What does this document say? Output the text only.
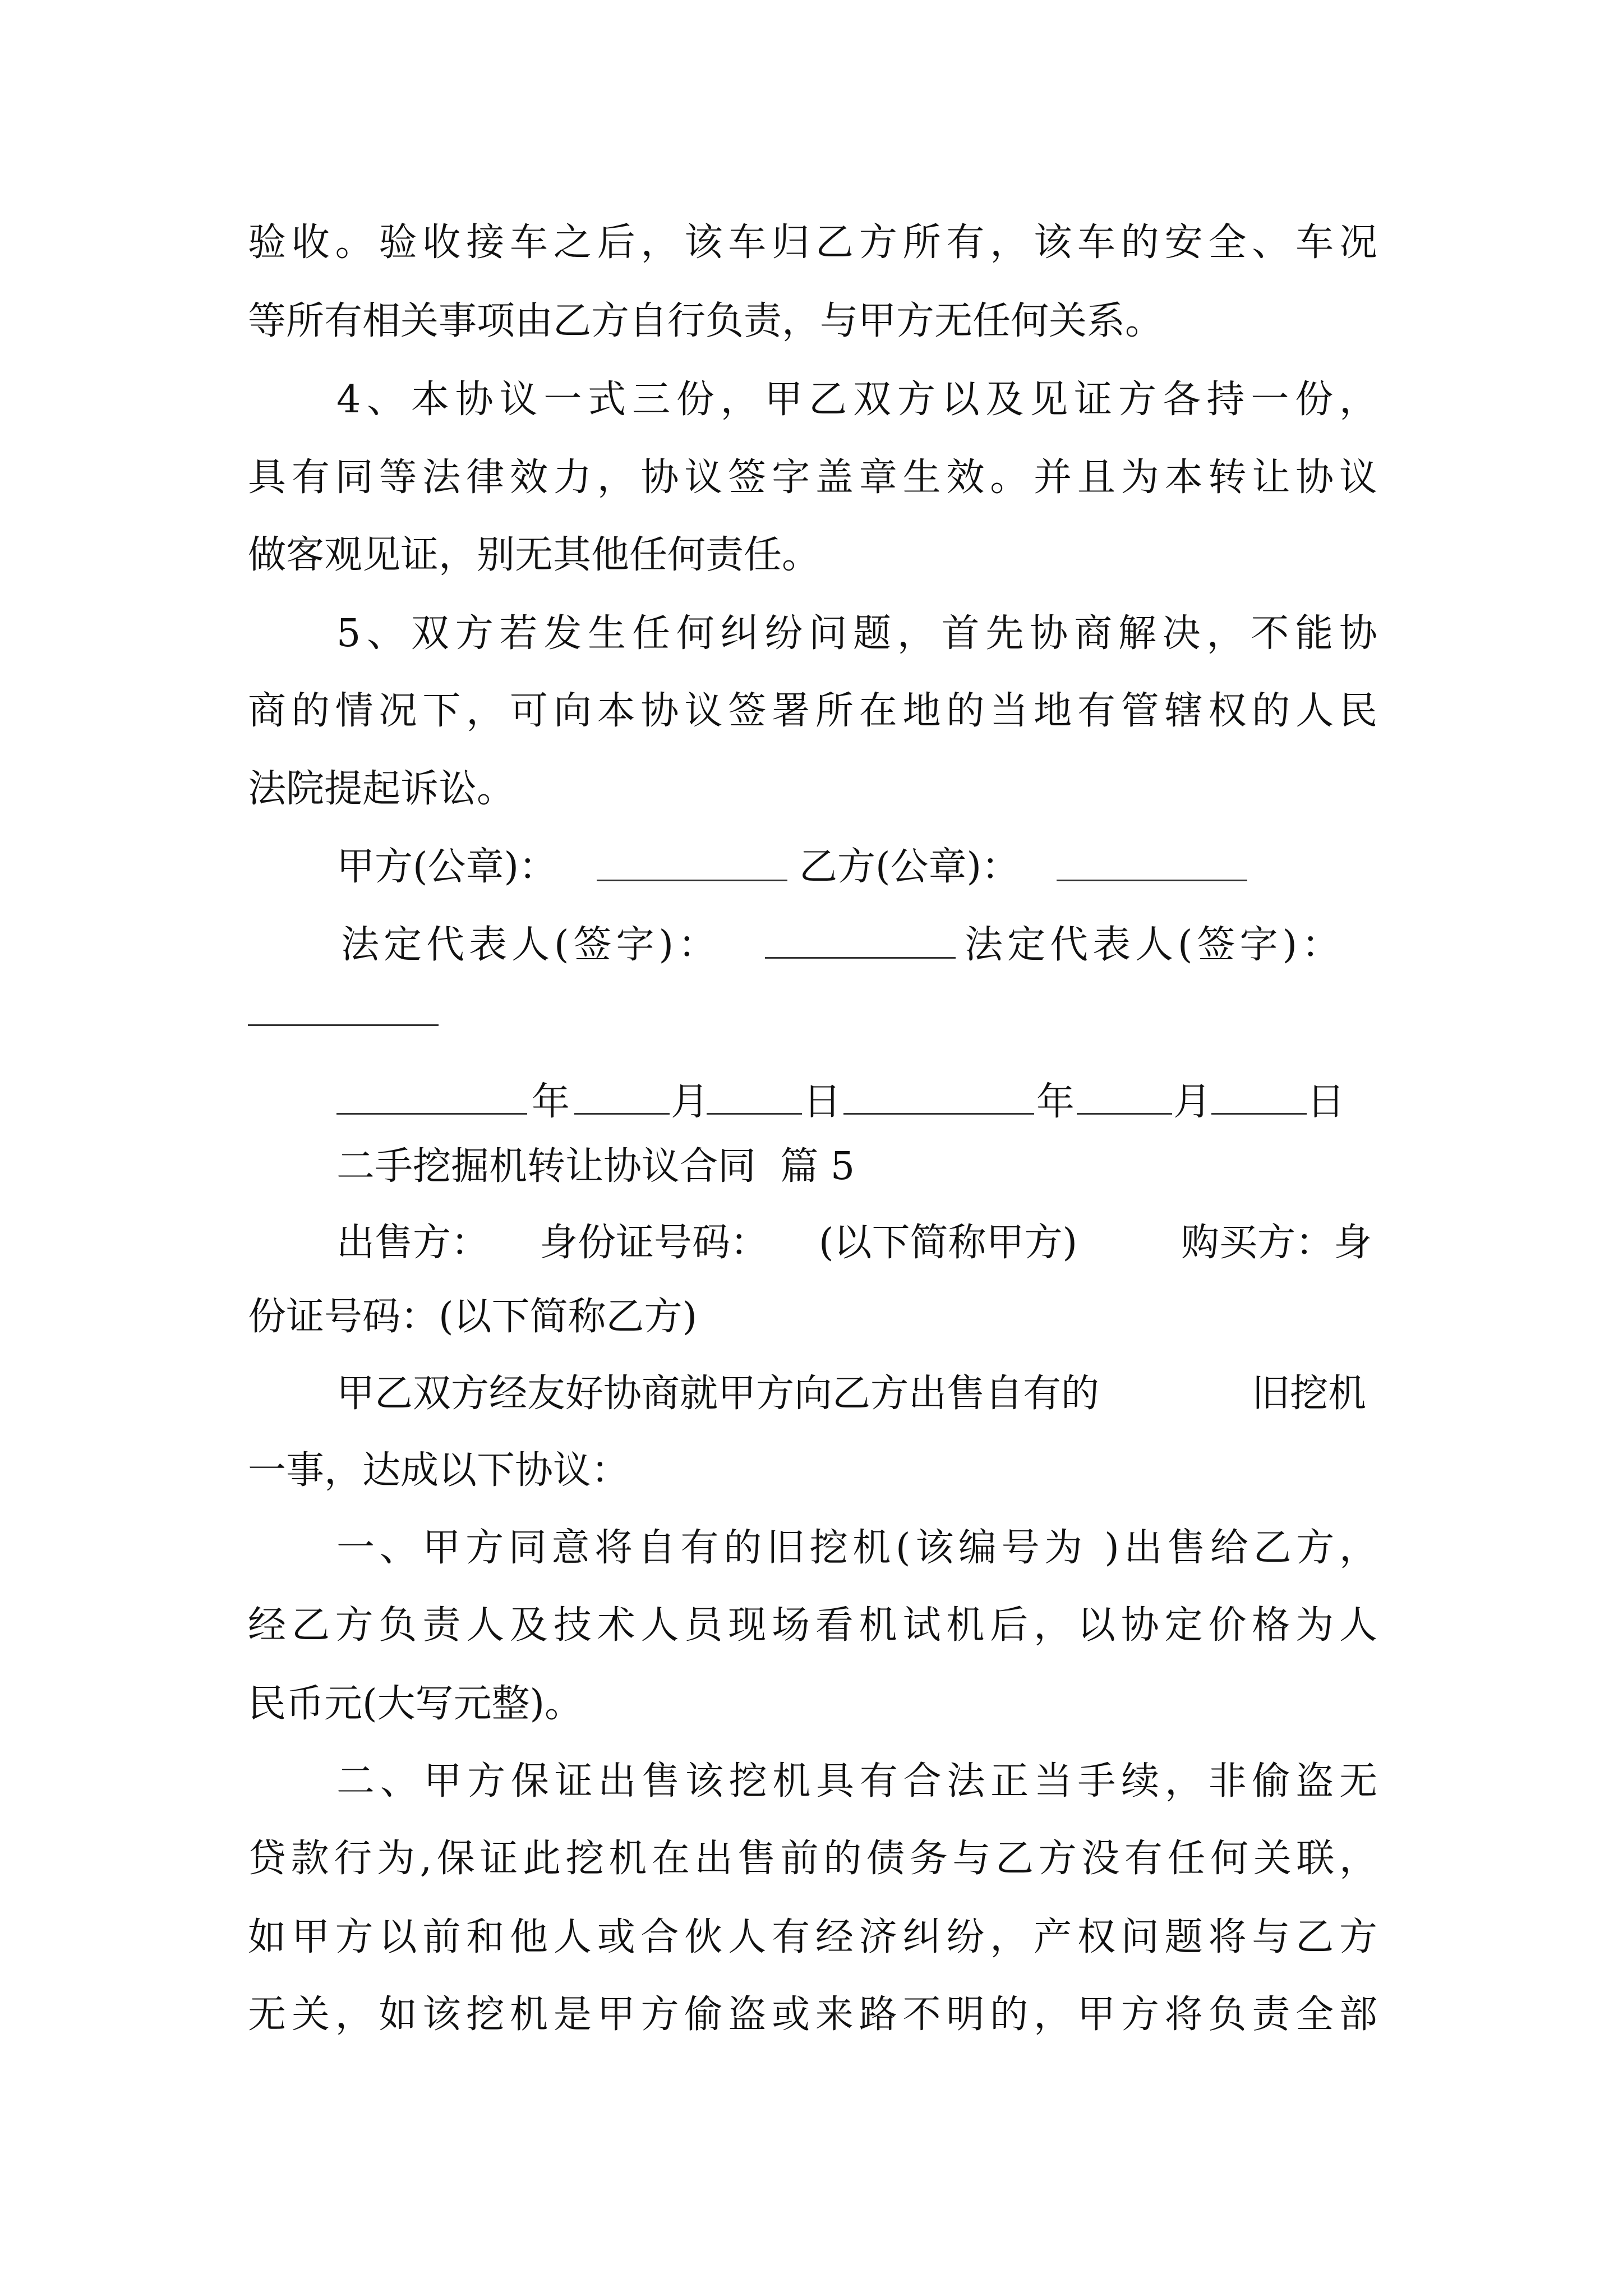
验收。验收接车之后，该车归乙方所有，该车的安全、车况
等所有相关事项由乙方自行负责，与甲方无任何关系。
4、本协议一式三份，甲乙双方以及见证方各持一份，
具有同等法律效力，协议签字盖章生效。并且为本转让协议
做客观见证，别无其他任何责任。
5、双方若发生任何纠纷问题，首先协商解决，不能协
商的情况下，可向本协议签署所在地的当地有管辖权的人民
法院提起诉讼。
甲方(公章)：	乙方(公章)：
法定代表人(签字)：	法定代表人(签字)：
年	月 日	年	月 日
二手挖掘机转让协议合同  篇 5
出售方： 身份证号码： (以下简称甲方)	购买方：身
份证号码：(以下简称乙方)
甲乙双方经友好协商就甲方向乙方出售自有的	旧挖机
一事，达成以下协议：
一、甲方同意将自有的旧挖机(该编号为 )出售给乙方，
经乙方负责人及技术人员现场看机试机后，以协定价格为人
民币元(大写元整)。
二、甲方保证出售该挖机具有合法正当手续，非偷盗无
贷款行为,保证此挖机在出售前的债务与乙方没有任何关联，
如甲方以前和他人或合伙人有经济纠纷，产权问题将与乙方
无关，如该挖机是甲方偷盗或来路不明的，甲方将负责全部
